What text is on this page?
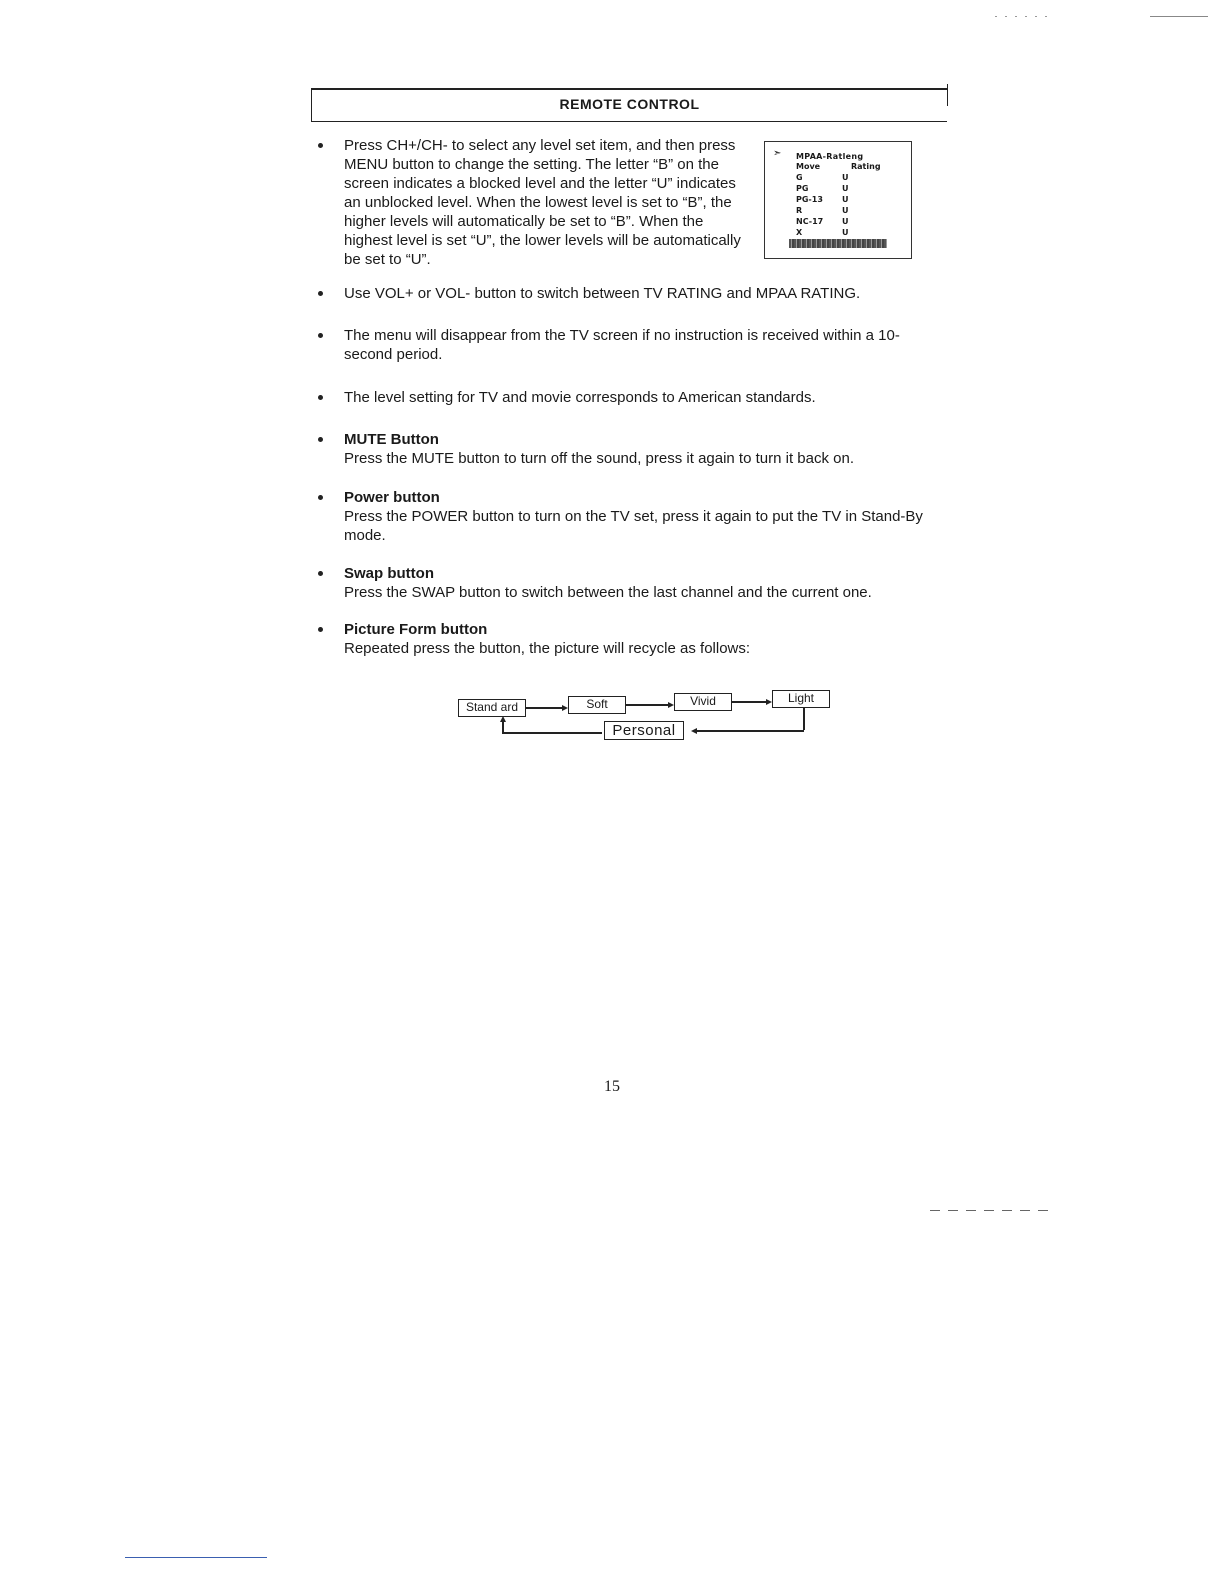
REMOTE CONTROL
Press CH+/CH- to select any level set item, and then press MENU button to change the setting. The letter “B” on the screen indicates a blocked level and the letter “U” indicates an unblocked level. When the lowest level is set to “B”, the higher levels will automatically be set to “B”. When the highest level is set “U”, the lower levels will be automatically be set to “U”.
Use VOL+ or VOL- button to switch between TV RATING and MPAA RATING.
The menu will disappear from the TV screen if no instruction is received within a 10-second period.
The level setting for TV and movie corresponds to American standards.
MUTE Button
Press the MUTE button to turn off the sound, press it again to turn it back on.
Power button
Press the POWER button to turn on the TV set, press it again to put the TV in Stand-By mode.
Swap button
Press the SWAP button to switch between the last channel and the current one.
Picture Form button
Repeated press the button, the picture will recycle as follows:
➣ MPAA-Ratleng
Move	Rating
G	U
PG	U
PG-13 U
R	U
NC-17 U
X	U
Stand ard	Soft	Vivid	Light
Personal
15
